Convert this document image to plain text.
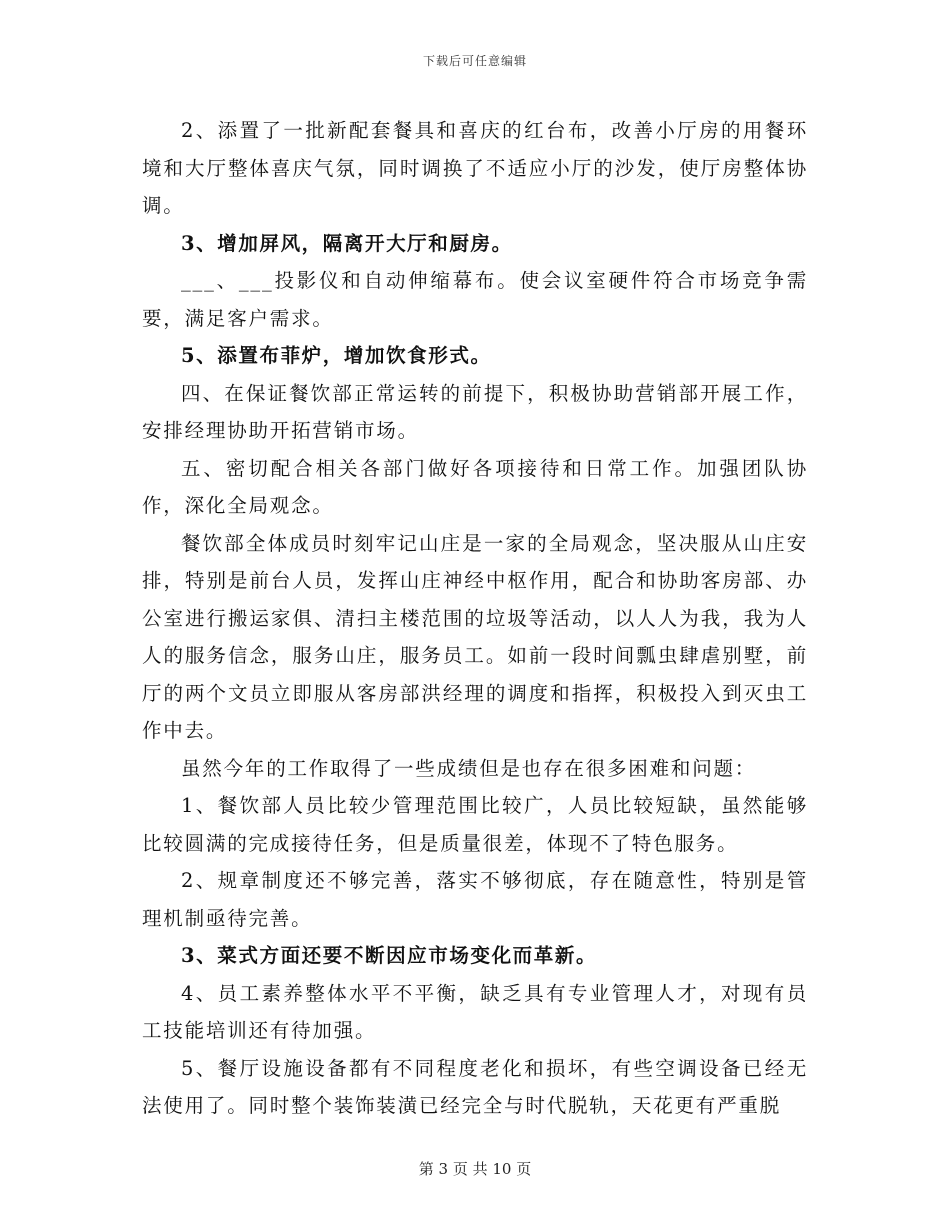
下载后可任意编辑

2、添置了一批新配套餐具和喜庆的红台布，改善小厅房的用餐环境和大厅整体喜庆气氛，同时调换了不适应小厅的沙发，使厅房整体协调。

3、增加屏风，隔离开大厅和厨房。

___、___投影仪和自动伸缩幕布。使会议室硬件符合市场竞争需要，满足客户需求。

5、添置布菲炉，增加饮食形式。

四、在保证餐饮部正常运转的前提下，积极协助营销部开展工作，安排经理协助开拓营销市场。

五、密切配合相关各部门做好各项接待和日常工作。加强团队协作，深化全局观念。

餐饮部全体成员时刻牢记山庄是一家的全局观念，坚决服从山庄安排，特别是前台人员，发挥山庄神经中枢作用，配合和协助客房部、办公室进行搬运家俱、清扫主楼范围的垃圾等活动，以人人为我，我为人人的服务信念，服务山庄，服务员工。如前一段时间瓢虫肆虐别墅，前厅的两个文员立即服从客房部洪经理的调度和指挥，积极投入到灭虫工作中去。

虽然今年的工作取得了一些成绩但是也存在很多困难和问题：

1、餐饮部人员比较少管理范围比较广，人员比较短缺，虽然能够比较圆满的完成接待任务，但是质量很差，体现不了特色服务。

2、规章制度还不够完善，落实不够彻底，存在随意性，特别是管理机制亟待完善。

3、菜式方面还要不断因应市场变化而革新。

4、员工素养整体水平不平衡，缺乏具有专业管理人才，对现有员工技能培训还有待加强。

5、餐厅设施设备都有不同程度老化和损坏，有些空调设备已经无法使用了。同时整个装饰装潢已经完全与时代脱轨，天花更有严重脱

第 3 页 共 10 页
